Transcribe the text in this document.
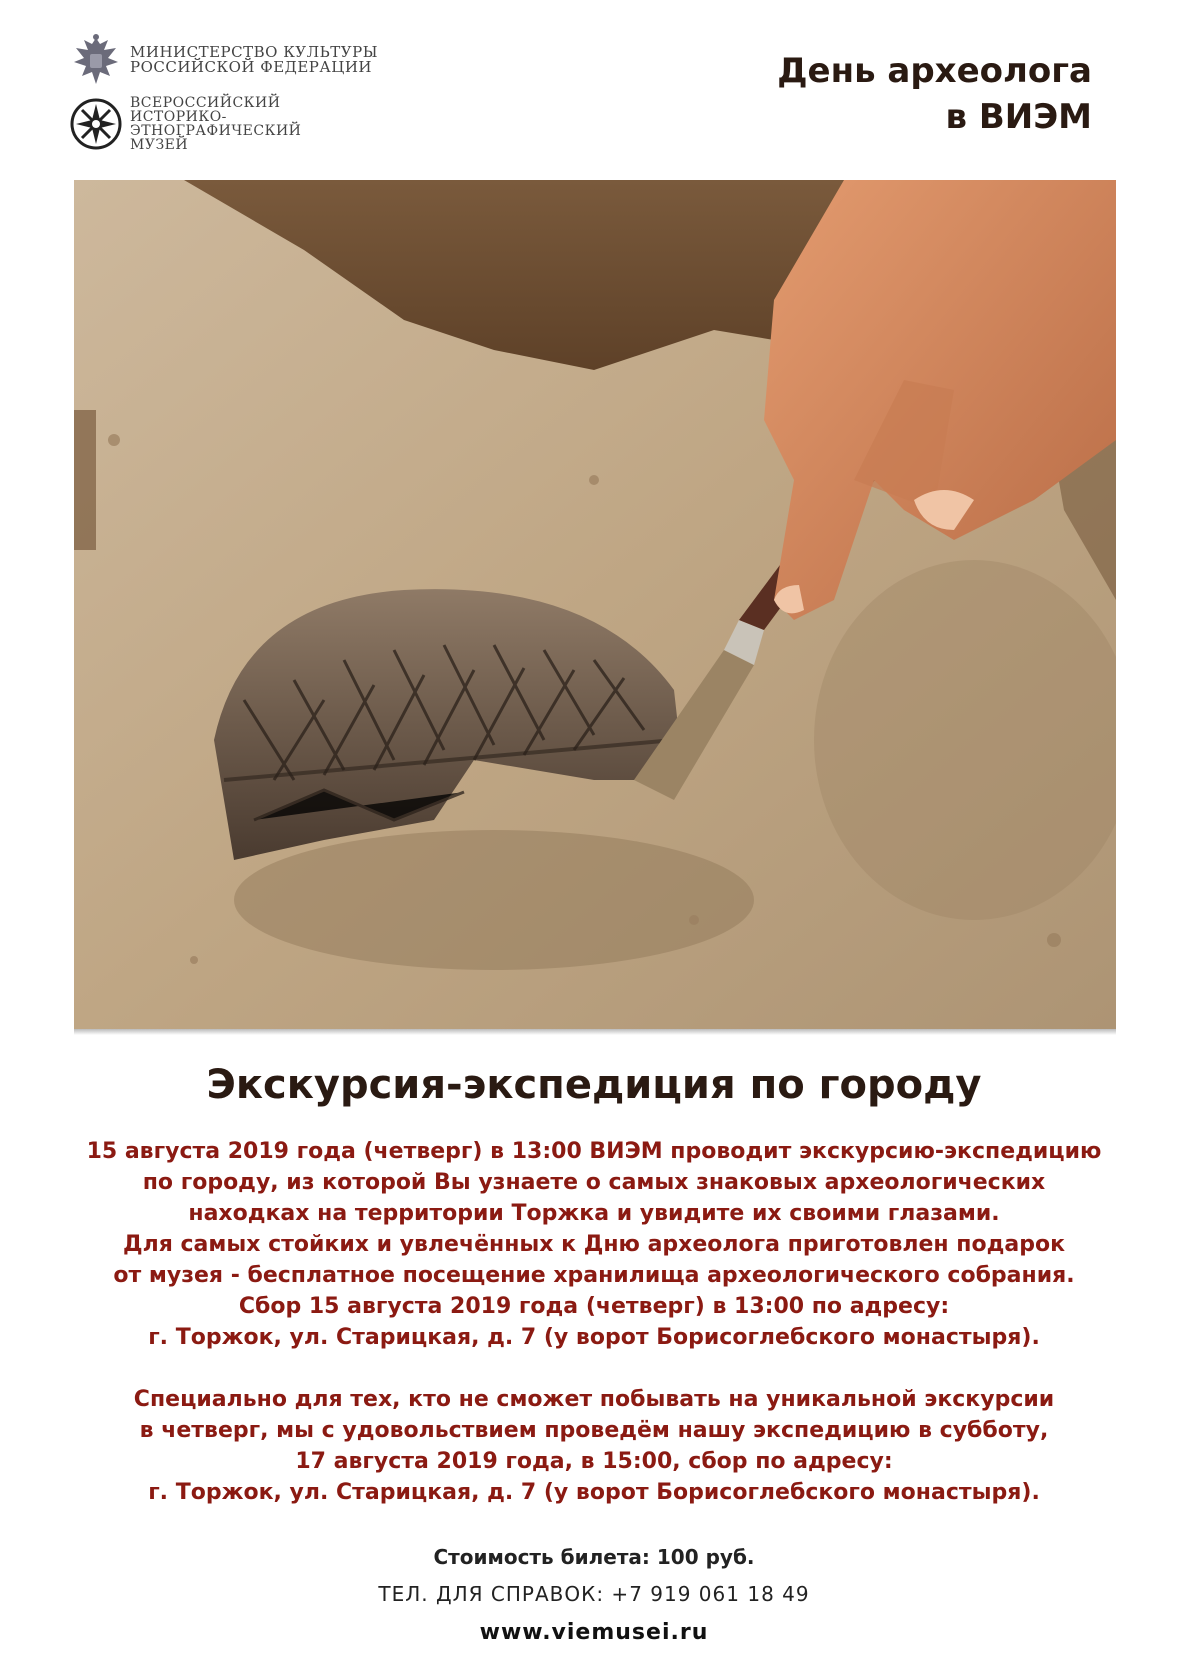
МИНИСТЕРСТВО КУЛЬТУРЫ
РОССИЙСКОЙ ФЕДЕРАЦИИ
ВСЕРОССИЙСКИЙ
ИСТОРИКО-
ЭТНОГРАФИЧЕСКИЙ
МУЗЕЙ
День археолога
в ВИЭМ
Экскурсия-экспедиция по городу

15 августа 2019 года (четверг) в 13:00 ВИЭМ проводит экскурсию-экспедицию

по городу, из которой Вы узнаете о самых знаковых археологических

находках на территории Торжка и увидите их своими глазами.

Для самых стойких и увлечённых к Дню археолога приготовлен подарок

от музея - бесплатное посещение хранилища археологического собрания.

Сбор 15 августа 2019 года (четверг) в 13:00 по адресу:

г. Торжок, ул. Старицкая, д. 7 (у ворот Борисоглебского монастыря).

Специально для тех, кто не сможет побывать на уникальной экскурсии

в четверг, мы с удовольствием проведём нашу экспедицию в субботу,

17 августа 2019 года, в 15:00, сбор по адресу:

г. Торжок, ул. Старицкая, д. 7 (у ворот Борисоглебского монастыря).

Стоимость билета: 100 руб.
ТЕЛ. ДЛЯ СПРАВОК: +7 919 061 18 49
www.viemusei.ru
